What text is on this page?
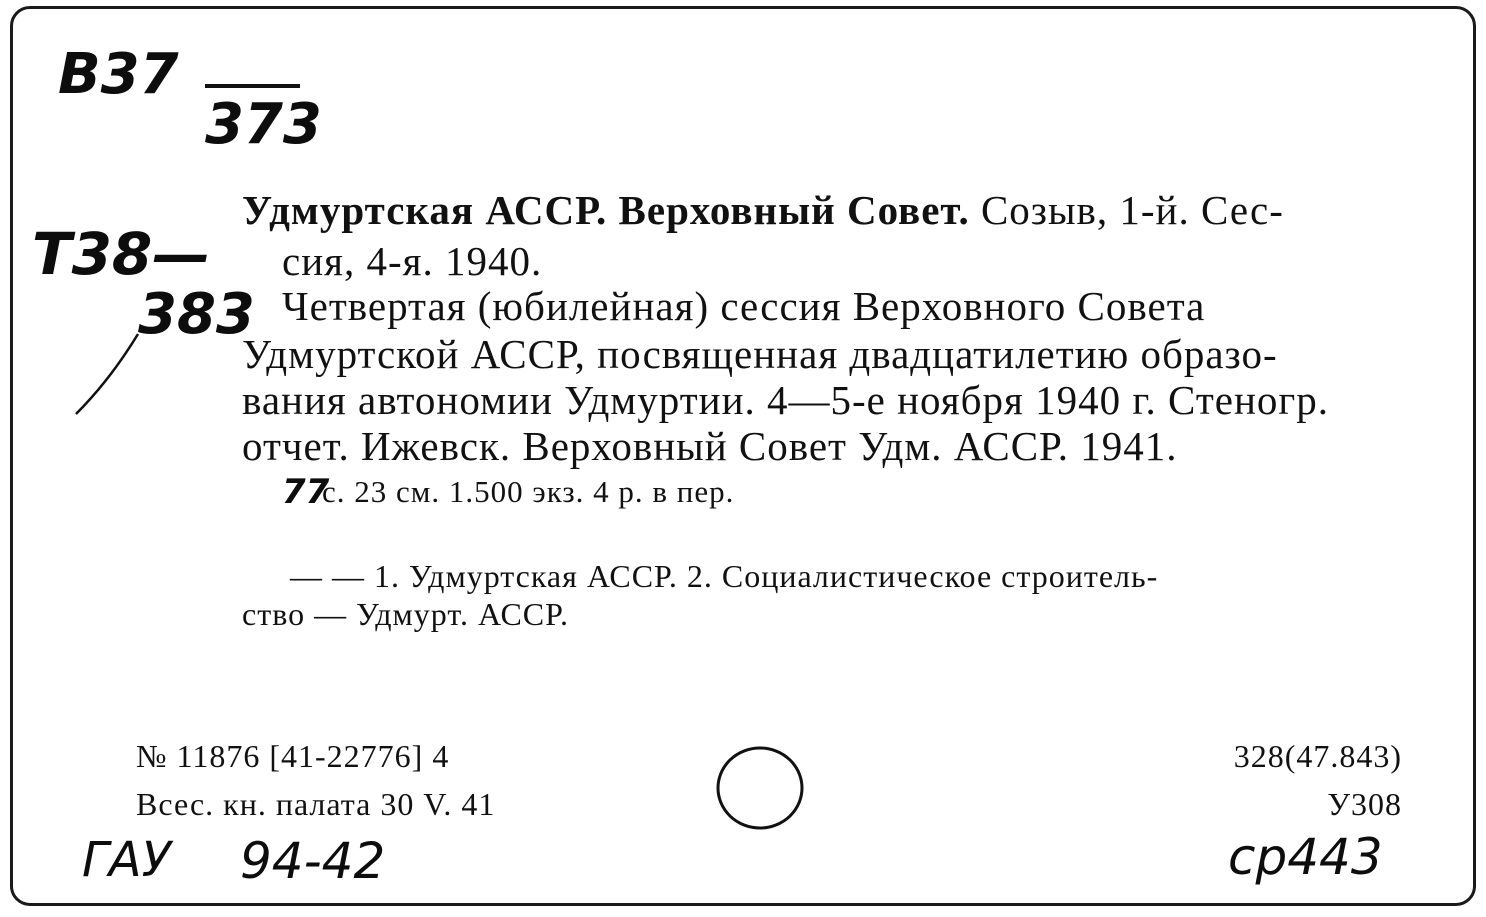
В37
373
Т38—
383
Удмуртская АССР. Верховный Совет. Созыв, 1-й. Сес-
сия, 4-я. 1940.
Четвертая (юбилейная) сессия Верховного Совета
Удмуртской АССР, посвященная двадцатилетию образо-
вания автономии Удмуртии. 4—5-е ноября 1940 г. Стеногр.
отчет. Ижевск. Верховный Совет Удм. АССР. 1941.
77
с. 23 см. 1.500 экз. 4 р. в пер.
— — 1. Удмуртская АССР. 2. Социалистическое строитель-
ство — Удмурт. АССР.
№ 11876 [41-22776] 4
Всес. кн. палата 30 V. 41
328(47.843)
У308
ГАУ 94-42	ср443
